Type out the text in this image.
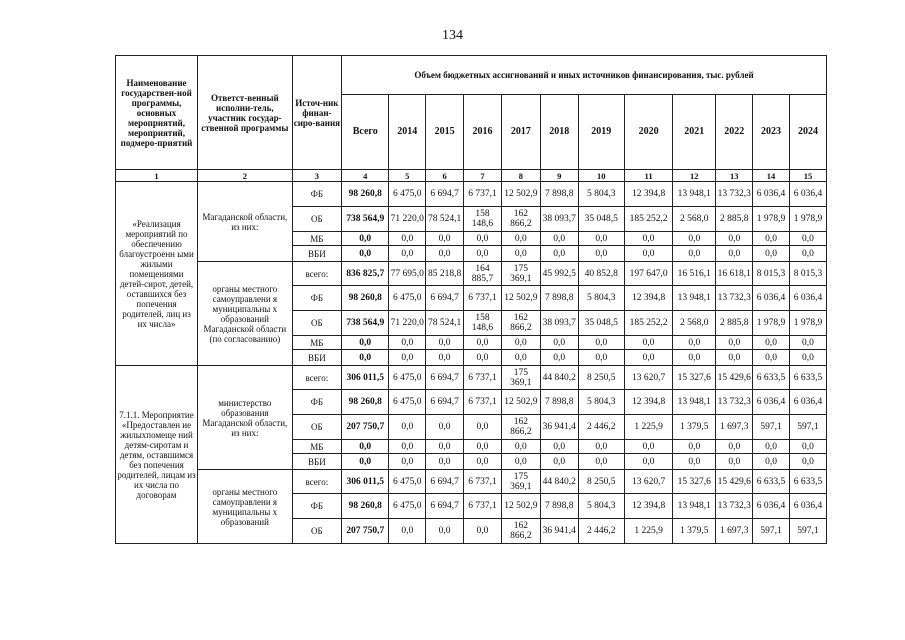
134
Наименование государствен-ной программы, основных мероприятий, мероприятий, подмеро-приятий	Ответст-венный исполни-тель, участник государ-ственной программы	Источ-ник финан-сиро-вания	Объем бюджетных ассигнований и иных источников финансирования, тыс. рублей											
			Всего	2014	2015	2016	2017	2018	2019	2020	2021	2022	2023	2024
1	2	3	4	5	6	7	8	9	10	11	12	13	14	15
«Реализация мероприятий по обеспечению благоустроенн ыми жилыми помещениями детей-сирот, детей, оставшихся без попечения родителей, лиц из их числа»	Магаданской области, из них:	ФБ	98 260,8	6 475,0	6 694,7	6 737,1	12 502,9	7 898,8	5 804,3	12 394,8	13 948,1	13 732,3	6 036,4	6 036,4
		ОБ	738 564,9	71 220,0	78 524,1	158 148,6	162 866,2	38 093,7	35 048,5	185 252,2	2 568,0	2 885,8	1 978,9	1 978,9
		МБ	0,0	0,0	0,0	0,0	0,0	0,0	0,0	0,0	0,0	0,0	0,0	0,0
		ВБИ	0,0	0,0	0,0	0,0	0,0	0,0	0,0	0,0	0,0	0,0	0,0	0,0
	органы местного самоуправлени я муниципальны х образований Магаданской области (по согласованию)	всего:	836 825,7	77 695,0	85 218,8	164 885,7	175 369,1	45 992,5	40 852,8	197 647,0	16 516,1	16 618,1	8 015,3	8 015,3
		ФБ	98 260,8	6 475,0	6 694,7	6 737,1	12 502,9	7 898,8	5 804,3	12 394,8	13 948,1	13 732,3	6 036,4	6 036,4
		ОБ	738 564,9	71 220,0	78 524,1	158 148,6	162 866,2	38 093,7	35 048,5	185 252,2	2 568,0	2 885,8	1 978,9	1 978,9
		МБ	0,0	0,0	0,0	0,0	0,0	0,0	0,0	0,0	0,0	0,0	0,0	0,0
		ВБИ	0,0	0,0	0,0	0,0	0,0	0,0	0,0	0,0	0,0	0,0	0,0	0,0
7.1.1. Мероприятие «Предоставлен ие жилыхпомеще ний детям-сиротам и детям, оставшимся без попечения родителей, лицам из их числа по договорам	министерство образования Магаданской области, из них:	всего:	306 011,5	6 475,0	6 694,7	6 737,1	175 369,1	44 840,2	8 250,5	13 620,7	15 327,6	15 429,6	6 633,5	6 633,5
		ФБ	98 260,8	6 475,0	6 694,7	6 737,1	12 502,9	7 898,8	5 804,3	12 394,8	13 948,1	13 732,3	6 036,4	6 036,4
		ОБ	207 750,7	0,0	0,0	0,0	162 866,2	36 941,4	2 446,2	1 225,9	1 379,5	1 697,3	597,1	597,1
		МБ	0,0	0,0	0,0	0,0	0,0	0,0	0,0	0,0	0,0	0,0	0,0	0,0
		ВБИ	0,0	0,0	0,0	0,0	0,0	0,0	0,0	0,0	0,0	0,0	0,0	0,0
	органы местного самоуправлени я муниципальны х образований	всего:	306 011,5	6 475,0	6 694,7	6 737,1	175 369,1	44 840,2	8 250,5	13 620,7	15 327,6	15 429,6	6 633,5	6 633,5
		ФБ	98 260,8	6 475,0	6 694,7	6 737,1	12 502,9	7 898,8	5 804,3	12 394,8	13 948,1	13 732,3	6 036,4	6 036,4
		ОБ	207 750,7	0,0	0,0	0,0	162 866,2	36 941,4	2 446,2	1 225,9	1 379,5	1 697,3	597,1	597,1
